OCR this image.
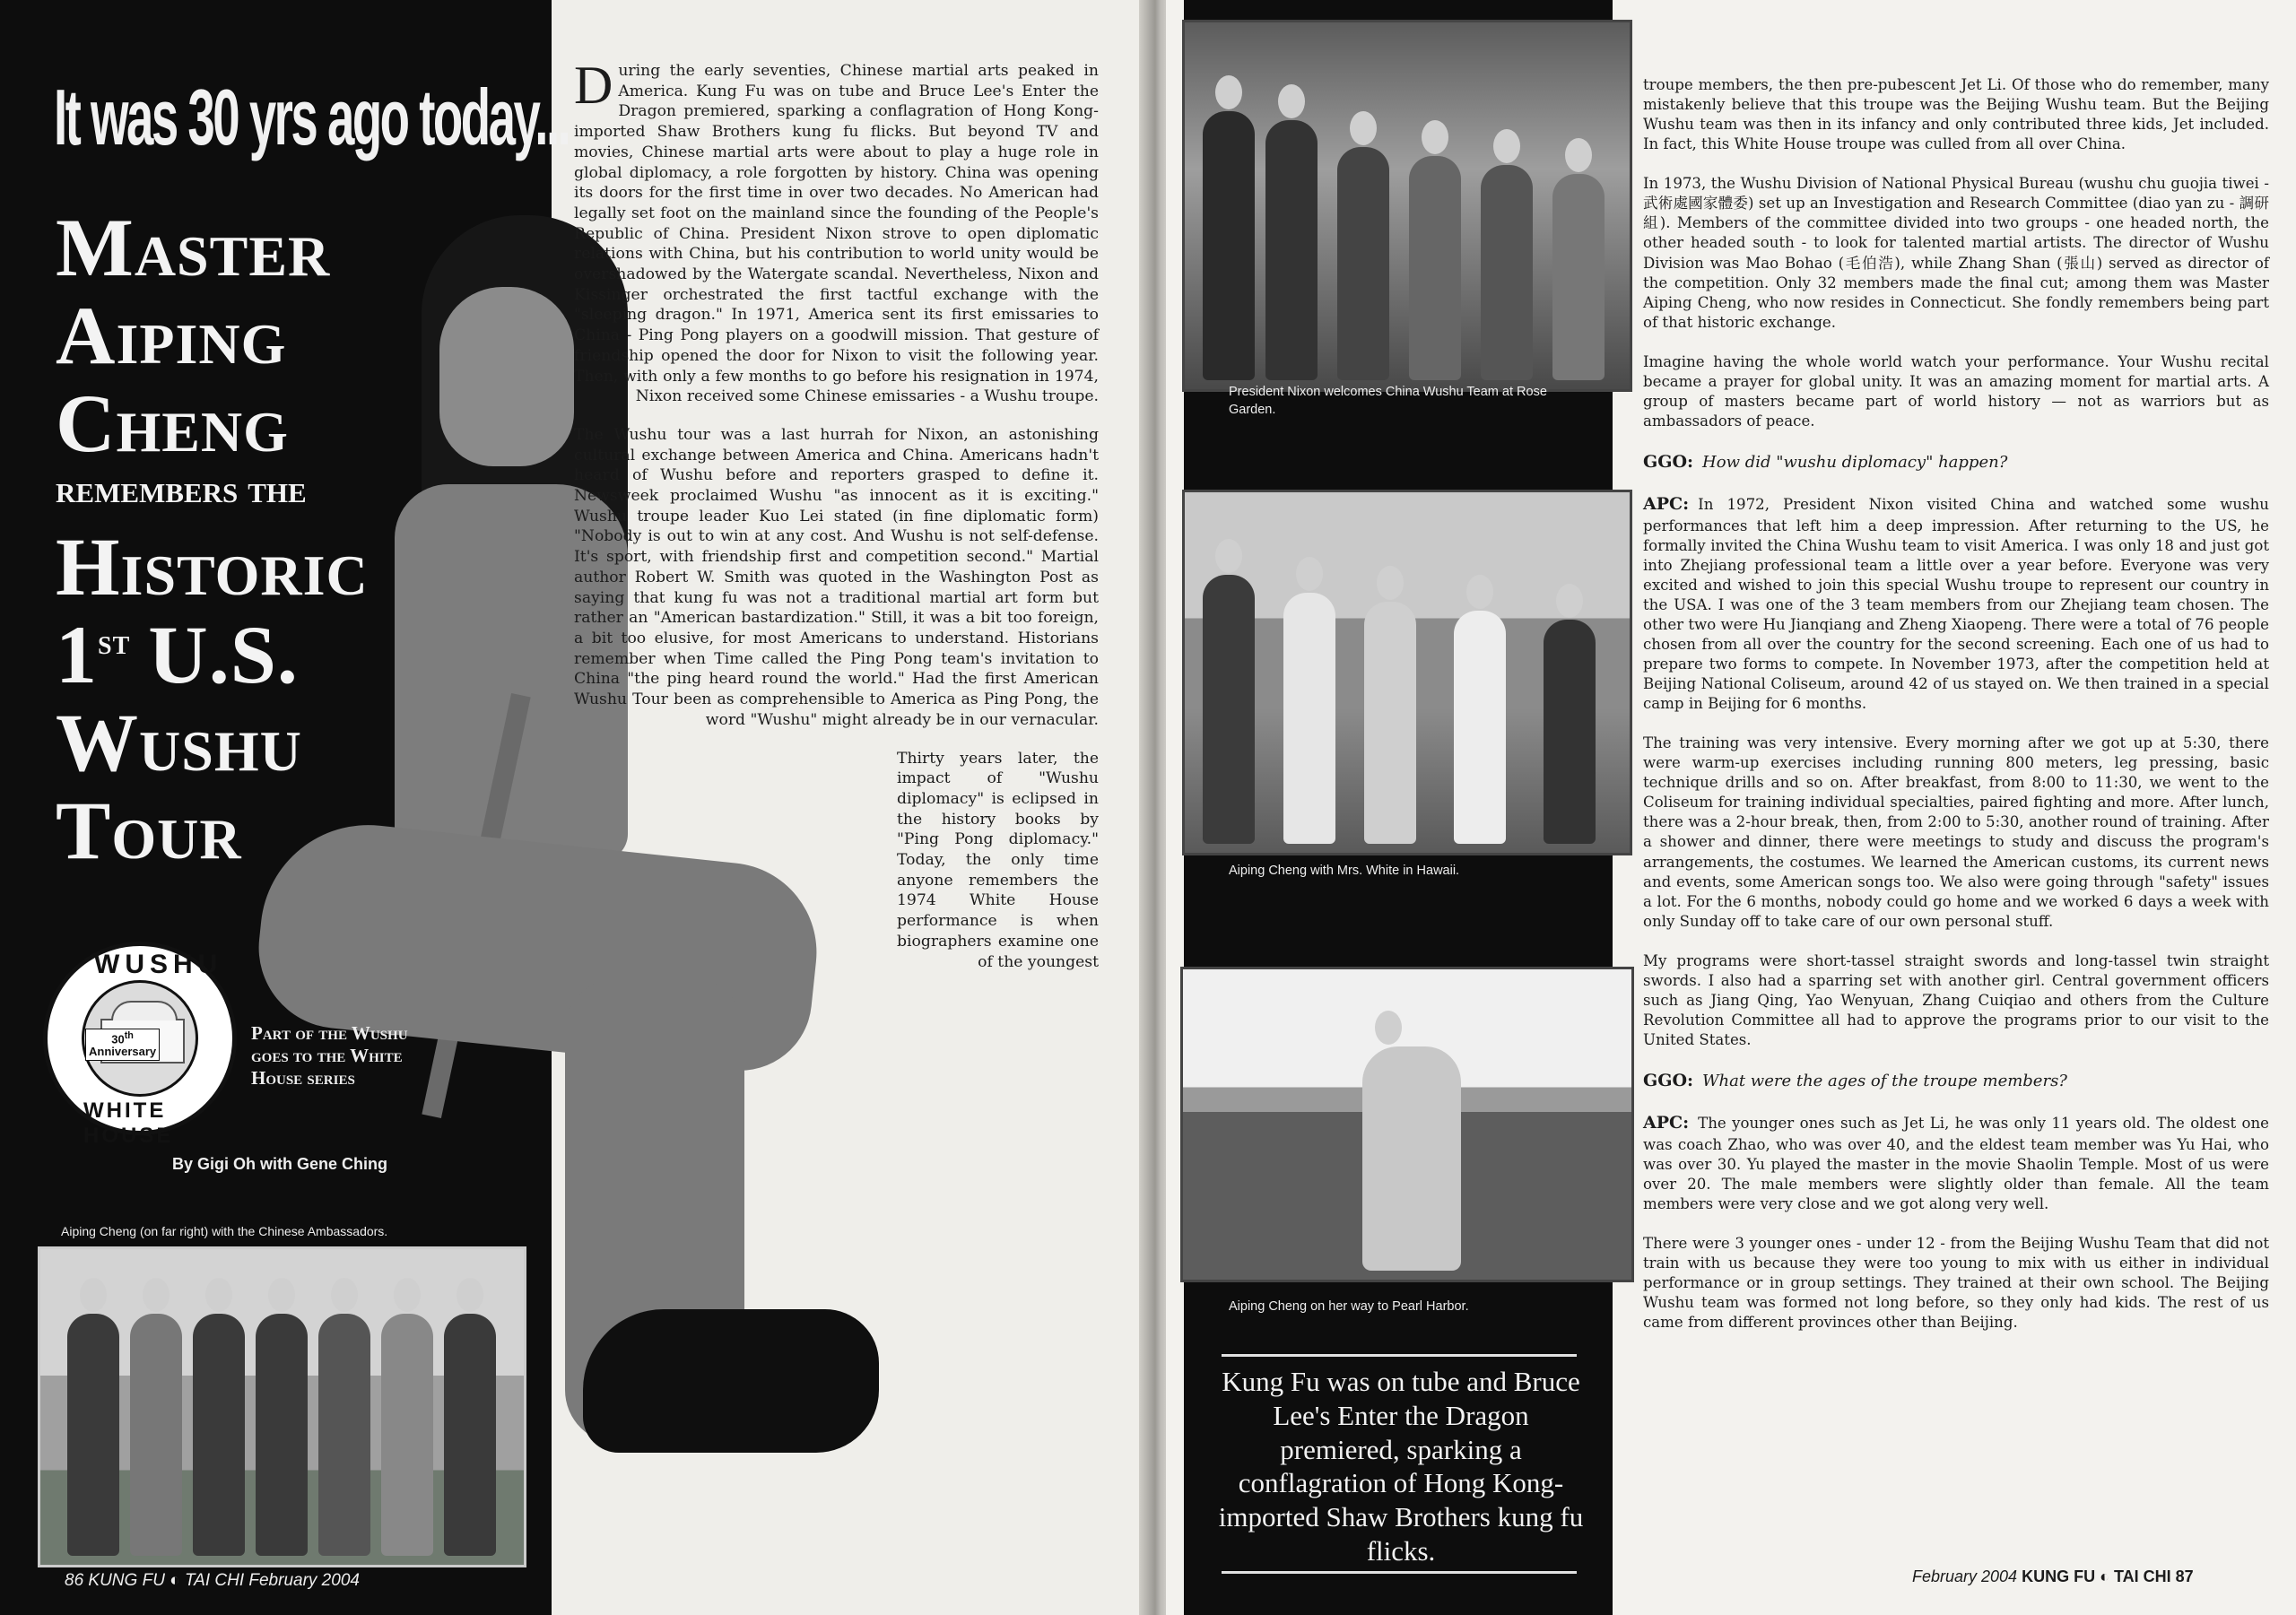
It was 30 yrs ago today...
Master
Aiping
Cheng
remembers the
Historic
1st U.S.
Wushu
Tour
WUSHU
30th
Anniversary
WHITE HOUSE
Part of the Wushu goes to the White House series
By Gigi Oh with Gene Ching
Aiping Cheng (on far right) with the Chinese Ambassadors.
86 KUNG FU ◐ TAI CHI February 2004

During the early seventies, Chinese martial arts peaked in America. Kung Fu was on tube and Bruce Lee's Enter the Dragon premiered, sparking a conflagration of Hong Kong-imported Shaw Brothers kung fu flicks. But beyond TV and movies, Chinese martial arts were about to play a huge role in global diplomacy, a role forgotten by history. China was opening its doors for the first time in over two decades. No American had legally set foot on the mainland since the founding of the People's Republic of China. President Nixon strove to open diplomatic relations with China, but his contribution to world unity would be overshadowed by the Watergate scandal. Nevertheless, Nixon and Kissinger orchestrated the first tactful exchange with the "sleeping dragon." In 1971, America sent its first emissaries to China - Ping Pong players on a goodwill mission. That gesture of friendship opened the door for Nixon to visit the following year. Then, with only a few months to go before his resignation in 1974, Nixon received some Chinese emissaries - a Wushu troupe.

The Wushu tour was a last hurrah for Nixon, an astonishing cultural exchange between America and China. Americans hadn't heard of Wushu before and reporters grasped to define it. Newsweek proclaimed Wushu "as innocent as it is exciting." Wushu troupe leader Kuo Lei stated (in fine diplomatic form) "Nobody is out to win at any cost. And Wushu is not self-defense. It's sport, with friendship first and competition second." Martial author Robert W. Smith was quoted in the Washington Post as saying that kung fu was not a traditional martial art form but rather an "American bastardization." Still, it was a bit too foreign, a bit too elusive, for most Americans to understand. Historians remember when Time called the Ping Pong team's invitation to China "the ping heard round the world." Had the first American Wushu Tour been as comprehensible to America as Ping Pong, the word "Wushu" might already be in our vernacular.

Thirty years later, the impact of "Wushu diplomacy" is eclipsed in the history books by "Ping Pong diplomacy." Today, the only time anyone remembers the 1974 White House performance is when biographers examine one of the youngest

President Nixon welcomes China Wushu Team at Rose Garden.
Aiping Cheng with Mrs. White in Hawaii.
Aiping Cheng on her way to Pearl Harbor.
Kung Fu was on tube and Bruce Lee's Enter the Dragon premiered, sparking a conflagration of Hong Kong-imported Shaw Brothers kung fu flicks.

troupe members, the then pre-pubescent Jet Li. Of those who do remember, many mistakenly believe that this troupe was the Beijing Wushu team. But the Beijing Wushu team was then in its infancy and only contributed three kids, Jet included. In fact, this White House troupe was culled from all over China.

In 1973, the Wushu Division of National Physical Bureau (wushu chu guojia tiwei - 武術處國家體委) set up an Investigation and Research Committee (diao yan zu - 調研組). Members of the committee divided into two groups - one headed north, the other headed south - to look for talented martial artists. The director of Wushu Division was Mao Bohao (毛伯浩), while Zhang Shan (張山) served as director of the competition. Only 32 members made the final cut; among them was Master Aiping Cheng, who now resides in Connecticut. She fondly remembers being part of that historic exchange.

Imagine having the whole world watch your performance. Your Wushu recital became a prayer for global unity. It was an amazing moment for martial arts. A group of masters became part of world history — not as warriors but as ambassadors of peace.

GGO: How did "wushu diplomacy" happen?

APC: In 1972, President Nixon visited China and watched some wushu performances that left him a deep impression. After returning to the US, he formally invited the China Wushu team to visit America. I was only 18 and just got into Zhejiang professional team a little over a year before. Everyone was very excited and wished to join this special Wushu troupe to represent our country in the USA. I was one of the 3 team members from our Zhejiang team chosen. The other two were Hu Jianqiang and Zheng Xiaopeng. There were a total of 76 people chosen from all over the country for the second screening. Each one of us had to prepare two forms to compete. In November 1973, after the competition held at Beijing National Coliseum, around 42 of us stayed on. We then trained in a special camp in Beijing for 6 months.

The training was very intensive. Every morning after we got up at 5:30, there were warm-up exercises including running 800 meters, leg pressing, basic technique drills and so on. After breakfast, from 8:00 to 11:30, we went to the Coliseum for training individual specialties, paired fighting and more. After lunch, there was a 2-hour break, then, from 2:00 to 5:30, another round of training. After a shower and dinner, there were meetings to study and discuss the program's arrangements, the costumes. We learned the American customs, its current news and events, some American songs too. We also were going through "safety" issues a lot. For the 6 months, nobody could go home and we worked 6 days a week with only Sunday off to take care of our own personal stuff.

My programs were short-tassel straight swords and long-tassel twin straight swords. I also had a sparring set with another girl. Central government officers such as Jiang Qing, Yao Wenyuan, Zhang Cuiqiao and others from the Culture Revolution Committee all had to approve the programs prior to our visit to the United States.

GGO: What were the ages of the troupe members?

APC: The younger ones such as Jet Li, he was only 11 years old. The oldest one was coach Zhao, who was over 40, and the eldest team member was Yu Hai, who was over 30. Yu played the master in the movie Shaolin Temple. Most of us were over 20. The male members were slightly older than female. All the team members were very close and we got along very well.

There were 3 younger ones - under 12 - from the Beijing Wushu Team that did not train with us because they were too young to mix with us either in individual performance or in group settings. They trained at their own school. The Beijing Wushu team was formed not long before, so they only had kids. The rest of us came from different provinces other than Beijing.

February 2004 KUNG FU ◐ TAI CHI 87
